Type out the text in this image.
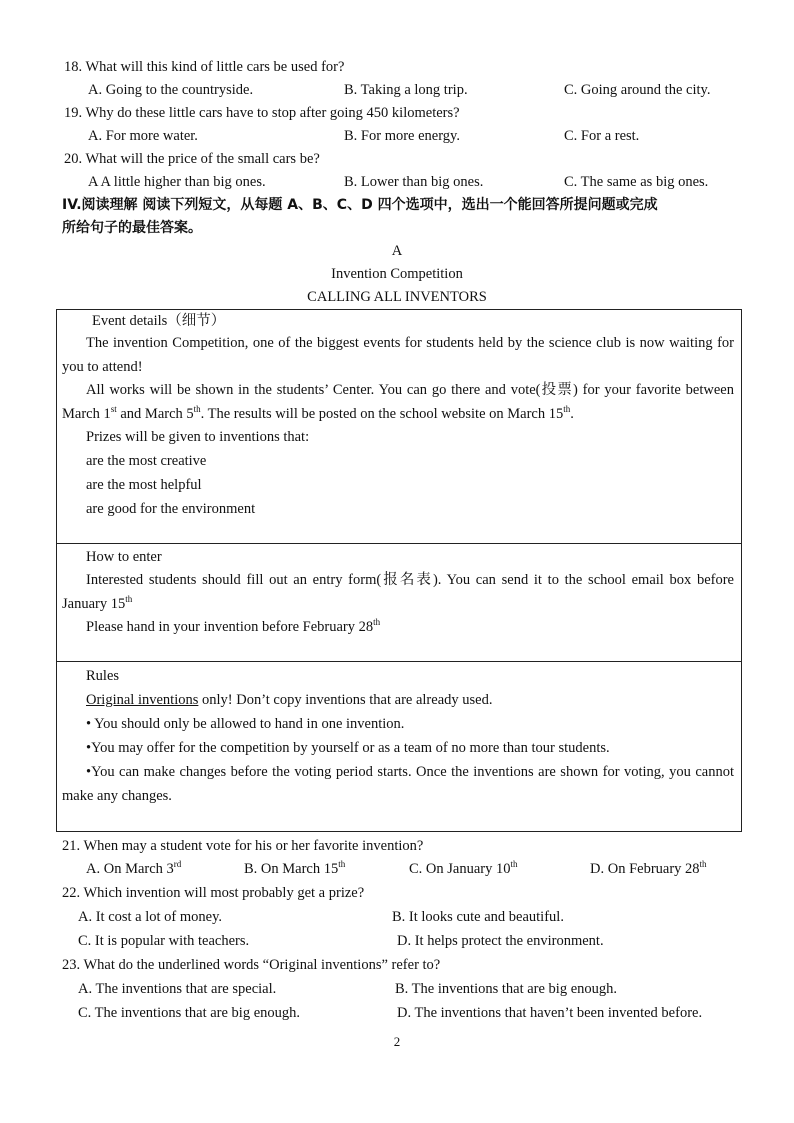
18. What will this kind of little cars be used for?
A. Going to the countryside.	B. Taking a long trip.	C. Going around the city.
19. Why do these little cars have to stop after going 450 kilometers?
A. For more water.	B. For more energy.	C. For a rest.
20. What will the price of the small cars be?
A A little higher than big ones.	B. Lower than big ones.	C. The same as big ones.
IV.阅读理解 阅读下列短文，从每题 A、B、C、D 四个选项中，选出一个能回答所提问题或完成
所给句子的最佳答案。
A
Invention Competition
CALLING ALL INVENTORS
Event details（细节）
The invention Competition, one of the biggest events for students held by the science club is now waiting for you to attend!
All works will be shown in the students’ Center. You can go there and vote(投票) for your favorite between March 1st and March 5th. The results will be posted on the school website on March 15th.
Prizes will be given to inventions that:
are the most creative
are the most helpful
are good for the environment
How to enter
Interested students should fill out an entry form(报名表). You can send it to the school email box before January 15th
Please hand in your invention before February 28th
Rules
Original inventions only! Don’t copy inventions that are already used.
• You should only be allowed to hand in one invention.
•You may offer for the competition by yourself or as a team of no more than tour students.
•You can make changes before the voting period starts. Once the inventions are shown for voting, you cannot make any changes.
21. When may a student vote for his or her favorite invention?
A. On March 3rd	B. On March 15th	C. On January 10th	D. On February 28th
22. Which invention will most probably get a prize?
A. It cost a lot of money.	B. It looks cute and beautiful.
C. It is popular with teachers.	D. It helps protect the environment.
23. What do the underlined words “Original inventions” refer to?
A. The inventions that are special.	B. The inventions that are big enough.
C. The inventions that are big enough.	D. The inventions that haven’t been invented before.
2
